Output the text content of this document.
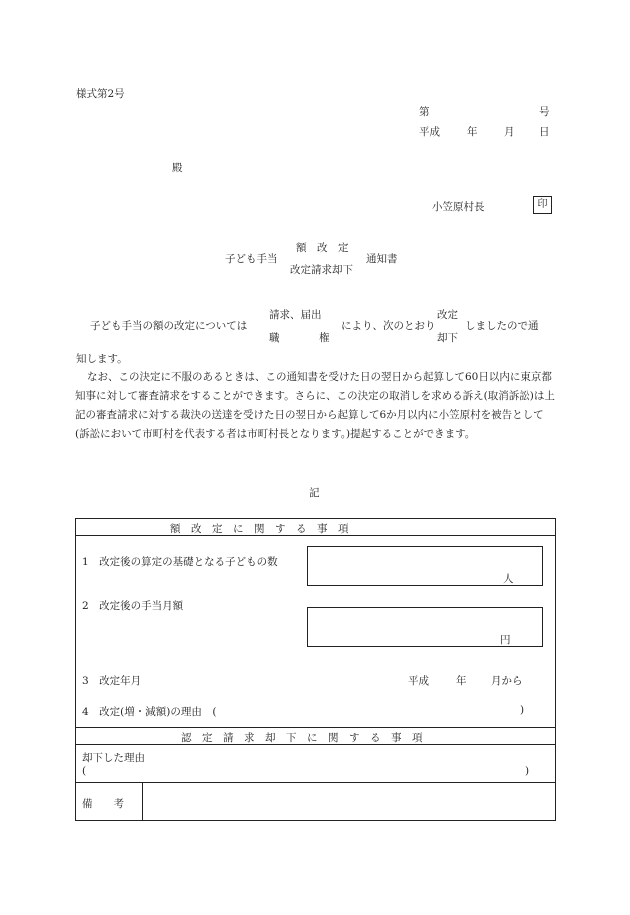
様式第2号
第	号
平成	年	月 日
殿
小笠原村長	印
額　改　定
子ども手当	通知書
改定請求却下
請求、届出	改定
子ども手当の額の改定については	により、次のとおり	しましたので通
職	権	却下
知します。
なお、この決定に不服のあるときは、この通知書を受けた日の翌日から起算して60日以内に東京都知事に対して審査請求をすることができます。さらに、この決定の取消しを求める訴え(取消訴訟)は上記の審査請求に対する裁決の送達を受けた日の翌日から起算して6か月以内に小笠原村を被告として(訴訟において市町村を代表する者は市町村長となります。)提起することができます。
記
額　改　定　に　関　す　る　事　項
1　改定後の算定の基礎となる子どもの数
人
2　改定後の手当月額
円
3　改定年月	平成	年 月から
4　改定(増・減額)の理由　(	)
認　定　請　求　却　下　に　関　す　る　事　項
却下した理由
(	)
備　　考
